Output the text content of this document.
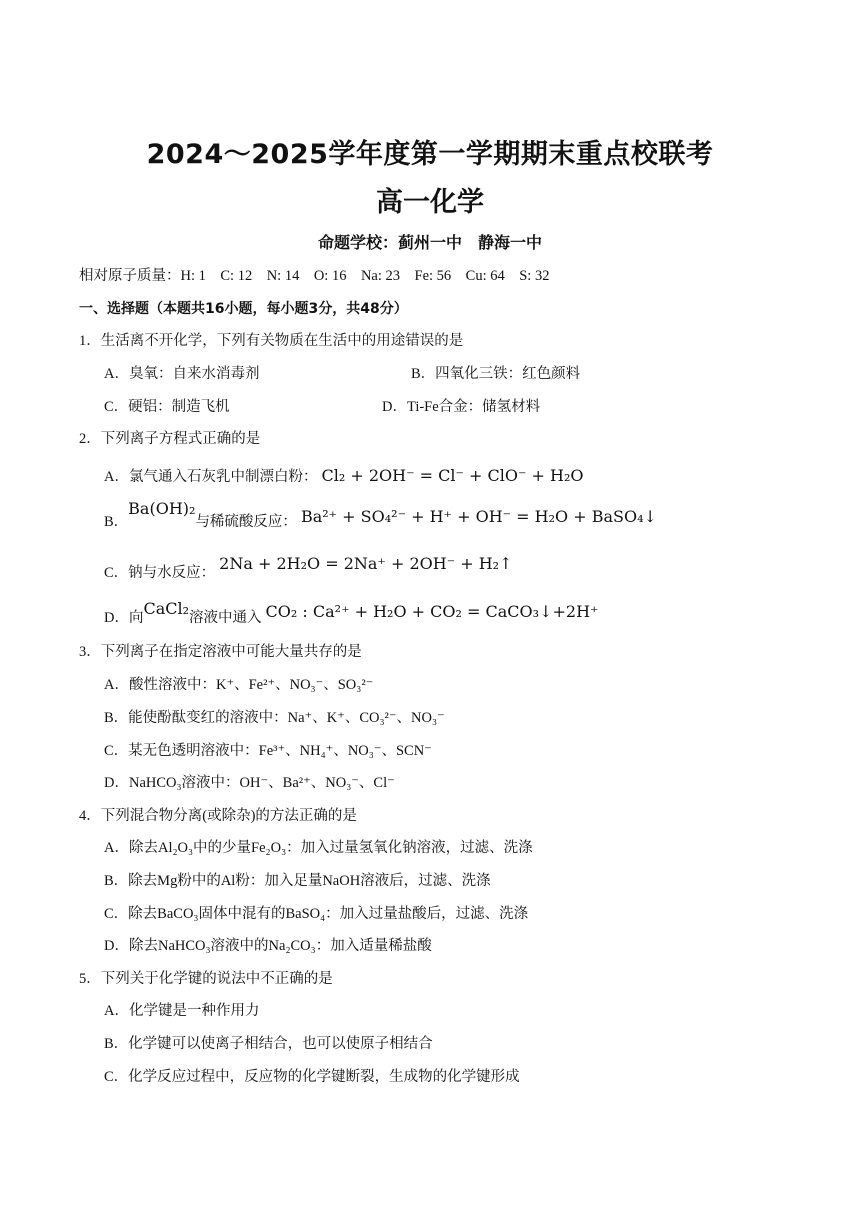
2024～2025学年度第一学期期末重点校联考
高一化学
命题学校：蓟州一中　静海一中
相对原子质量：H: 1　C: 12　N: 14　O: 16　Na: 23　Fe: 56　Cu: 64　S: 32
一、选择题（本题共16小题，每小题3分，共48分）
1．生活离不开化学，下列有关物质在生活中的用途错误的是
A．臭氧：自来水消毒剂	B．四氧化三铁：红色颜料
C．硬铝：制造飞机	D．Ti-Fe合金：储氢材料
2．下列离子方程式正确的是
A．氯气通入石灰乳中制漂白粉： Cl₂ + 2OH⁻ = Cl⁻ + ClO⁻ + H₂O
B．Ba(OH)₂与稀硫酸反应： Ba²⁺ + SO₄²⁻ + H⁺ + OH⁻ = H₂O + BaSO₄↓
C．钠与水反应： 2Na + 2H₂O = 2Na⁺ + 2OH⁻ + H₂↑
D．向CaCl₂溶液中通入 CO₂ : Ca²⁺ + H₂O + CO₂ = CaCO₃↓+2H⁺
3．下列离子在指定溶液中可能大量共存的是
A．酸性溶液中：K⁺、Fe²⁺、NO₃⁻、SO₃²⁻
B．能使酚酞变红的溶液中：Na⁺、K⁺、CO₃²⁻、NO₃⁻
C．某无色透明溶液中：Fe³⁺、NH₄⁺、NO₃⁻、SCN⁻
D．NaHCO₃溶液中：OH⁻、Ba²⁺、NO₃⁻、Cl⁻
4．下列混合物分离(或除杂)的方法正确的是
A．除去Al₂O₃中的少量Fe₂O₃：加入过量氢氧化钠溶液，过滤、洗涤
B．除去Mg粉中的Al粉：加入足量NaOH溶液后，过滤、洗涤
C．除去BaCO₃固体中混有的BaSO₄：加入过量盐酸后，过滤、洗涤
D．除去NaHCO₃溶液中的Na₂CO₃：加入适量稀盐酸
5．下列关于化学键的说法中不正确的是
A．化学键是一种作用力
B．化学键可以使离子相结合，也可以使原子相结合
C．化学反应过程中，反应物的化学键断裂，生成物的化学键形成
